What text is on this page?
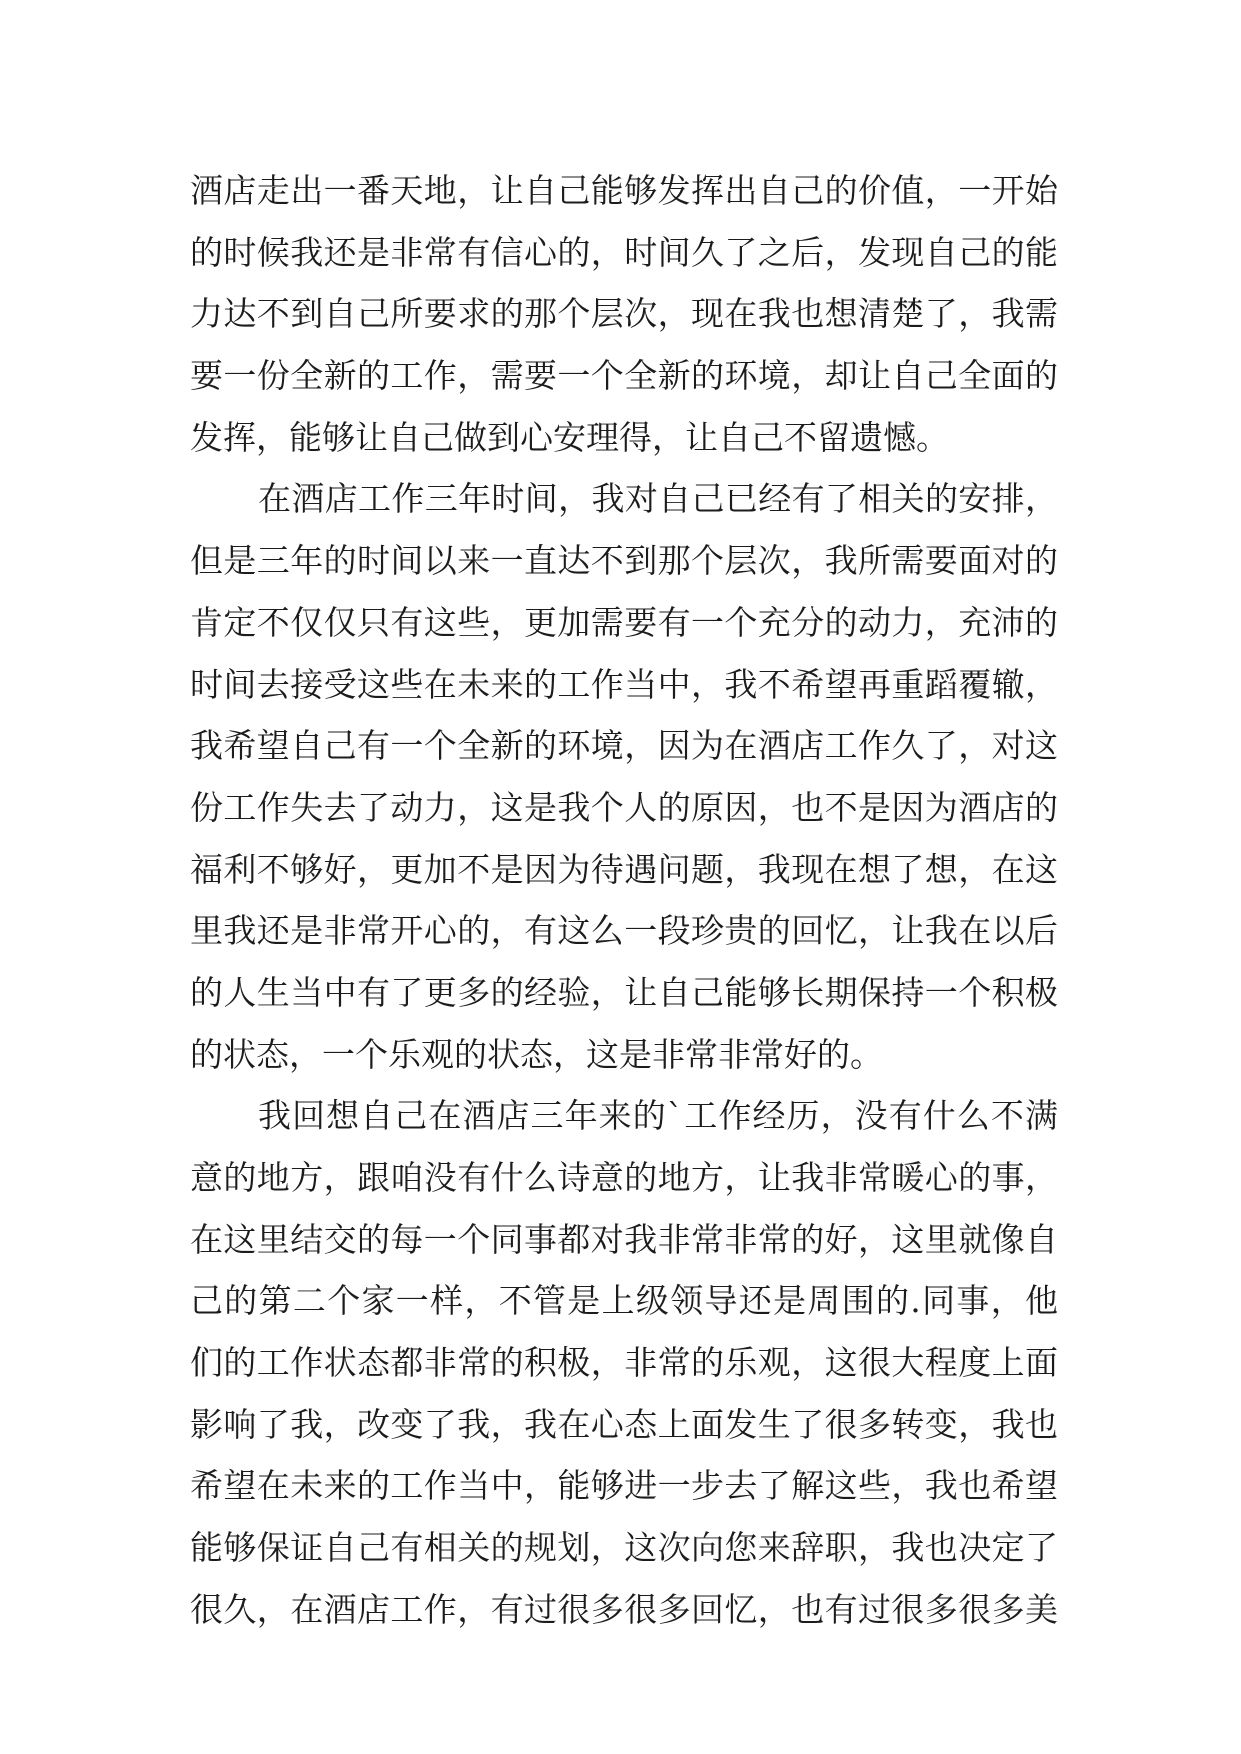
酒店走出一番天地，让自己能够发挥出自己的价值，一开始
的时候我还是非常有信心的，时间久了之后，发现自己的能
力达不到自己所要求的那个层次，现在我也想清楚了，我需
要一份全新的工作，需要一个全新的环境，却让自己全面的
发挥，能够让自己做到心安理得，让自己不留遗憾。
在酒店工作三年时间，我对自己已经有了相关的安排，
但是三年的时间以来一直达不到那个层次，我所需要面对的
肯定不仅仅只有这些，更加需要有一个充分的动力，充沛的
时间去接受这些在未来的工作当中，我不希望再重蹈覆辙，
我希望自己有一个全新的环境，因为在酒店工作久了，对这
份工作失去了动力，这是我个人的原因，也不是因为酒店的
福利不够好，更加不是因为待遇问题，我现在想了想，在这
里我还是非常开心的，有这么一段珍贵的回忆，让我在以后
的人生当中有了更多的经验，让自己能够长期保持一个积极
的状态，一个乐观的状态，这是非常非常好的。
我回想自己在酒店三年来的`工作经历，没有什么不满
意的地方，跟咱没有什么诗意的地方，让我非常暖心的事，
在这里结交的每一个同事都对我非常非常的好，这里就像自
己的第二个家一样，不管是上级领导还是周围的.同事，他
们的工作状态都非常的积极，非常的乐观，这很大程度上面
影响了我，改变了我，我在心态上面发生了很多转变，我也
希望在未来的工作当中，能够进一步去了解这些，我也希望
能够保证自己有相关的规划，这次向您来辞职，我也决定了
很久，在酒店工作，有过很多很多回忆，也有过很多很多美
